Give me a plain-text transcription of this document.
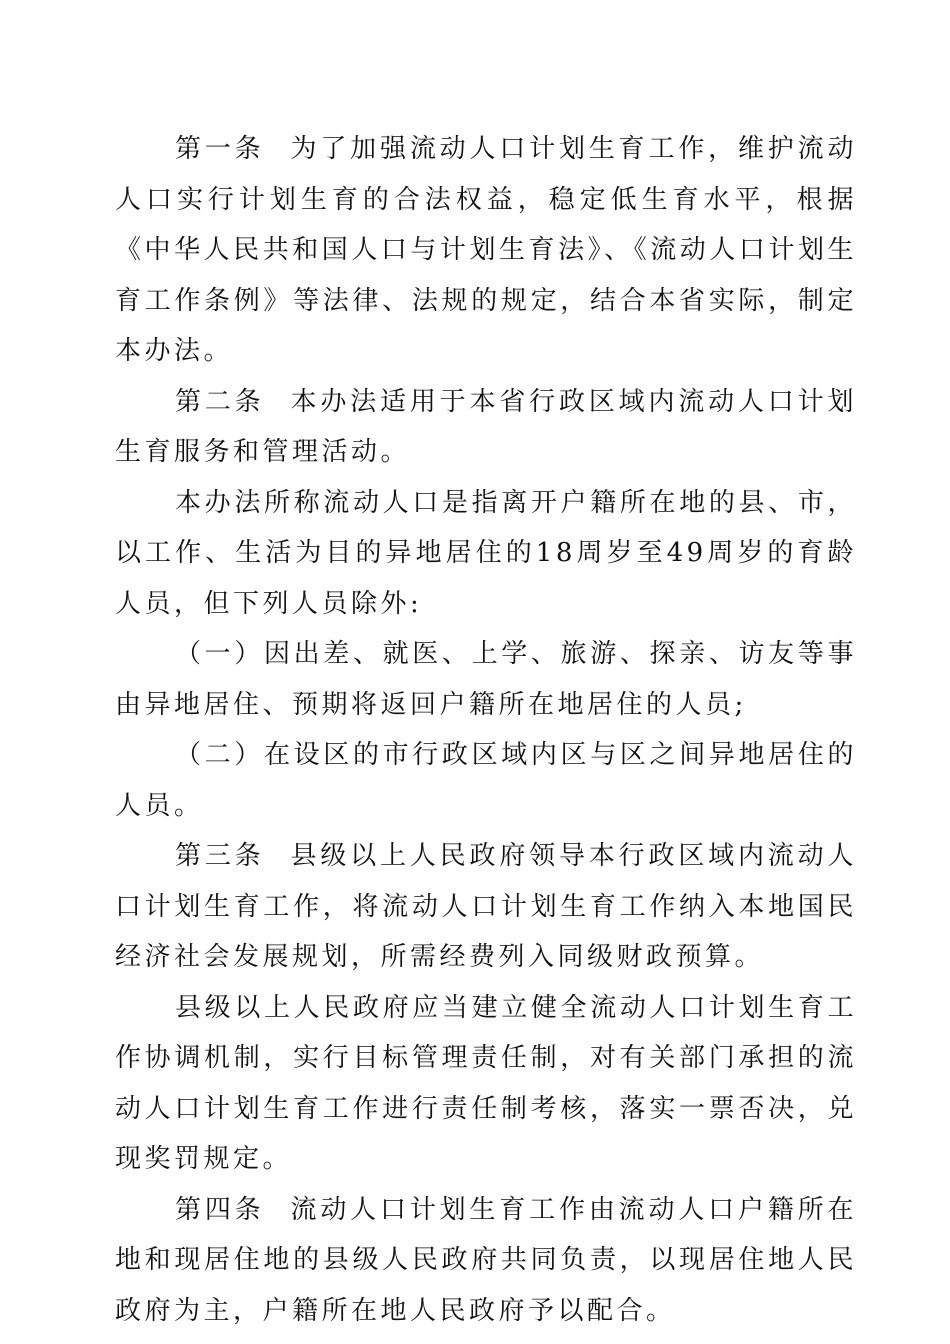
第一条 为了加强流动人口计划生育工作，维护流动人口实行计划生育的合法权益，稳定低生育水平，根据《中华人民共和国人口与计划生育法》、《流动人口计划生育工作条例》等法律、法规的规定，结合本省实际，制定本办法。

第二条 本办法适用于本省行政区域内流动人口计划生育服务和管理活动。

本办法所称流动人口是指离开户籍所在地的县、市，以工作、生活为目的异地居住的18周岁至49周岁的育龄人员，但下列人员除外:

（一）因出差、就医、上学、旅游、探亲、访友等事由异地居住、预期将返回户籍所在地居住的人员;

（二）在设区的市行政区域内区与区之间异地居住的人员。

第三条 县级以上人民政府领导本行政区域内流动人口计划生育工作，将流动人口计划生育工作纳入本地国民经济社会发展规划，所需经费列入同级财政预算。

县级以上人民政府应当建立健全流动人口计划生育工作协调机制，实行目标管理责任制，对有关部门承担的流动人口计划生育工作进行责任制考核，落实一票否决，兑现奖罚规定。

第四条 流动人口计划生育工作由流动人口户籍所在地和现居住地的县级人民政府共同负责，以现居住地人民政府为主，户籍所在地人民政府予以配合。
